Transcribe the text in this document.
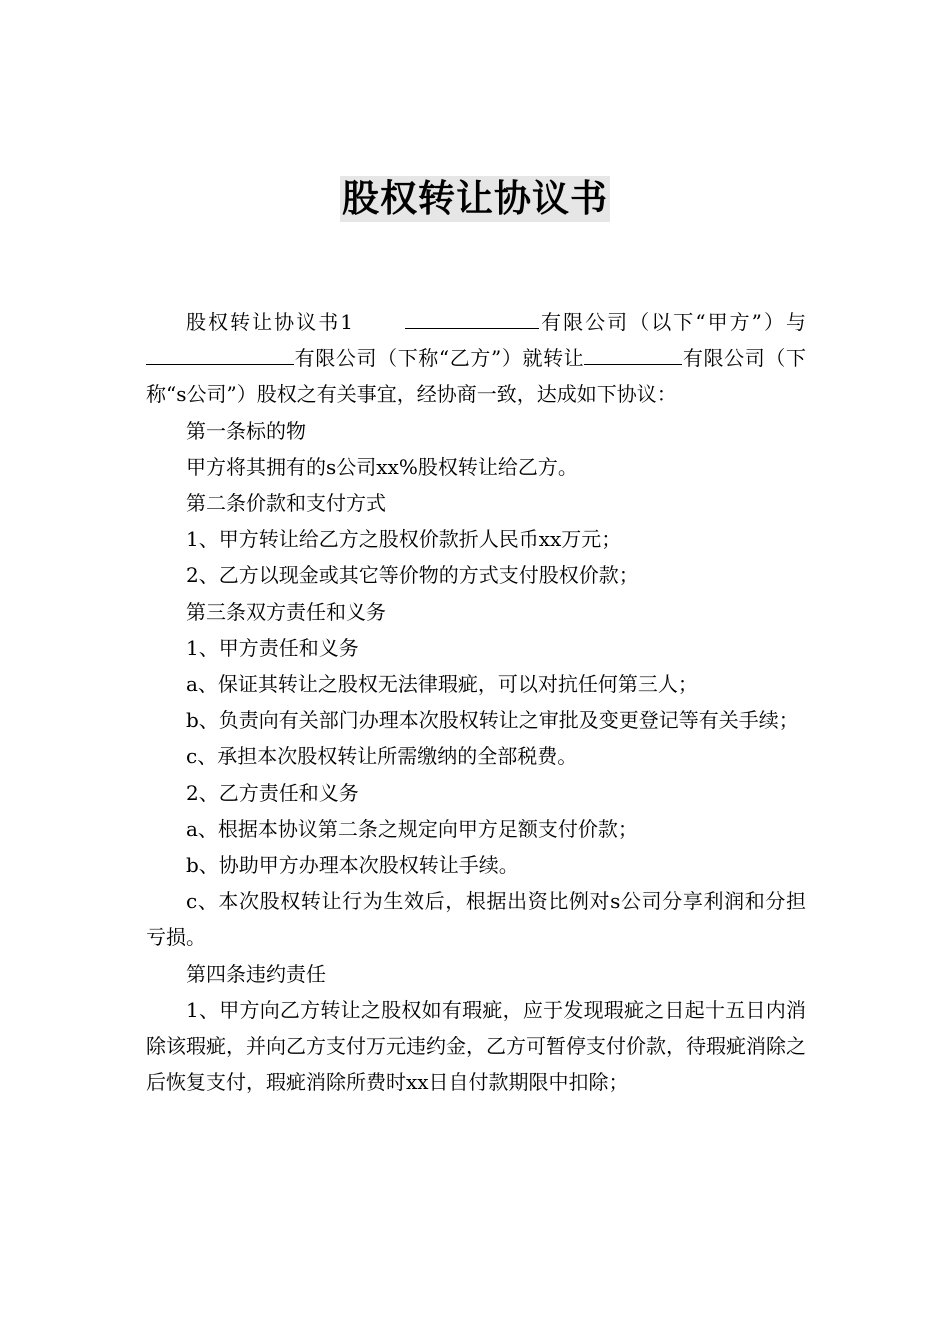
股权转让协议书

股权转让协议书1	有限公司（以下“甲方”）与有限公司（下称“乙方”）就转让	有限公司（下称“s公司”）股权之有关事宜，经协商一致，达成如下协议：

第一条标的物

甲方将其拥有的s公司xx%股权转让给乙方。

第二条价款和支付方式

1、甲方转让给乙方之股权价款折人民币xx万元；

2、乙方以现金或其它等价物的方式支付股权价款；

第三条双方责任和义务

1、甲方责任和义务

a、保证其转让之股权无法律瑕疵，可以对抗任何第三人；

b、负责向有关部门办理本次股权转让之审批及变更登记等有关手续；

c、承担本次股权转让所需缴纳的全部税费。

2、乙方责任和义务

a、根据本协议第二条之规定向甲方足额支付价款；

b、协助甲方办理本次股权转让手续。

c、本次股权转让行为生效后，根据出资比例对s公司分享利润和分担亏损。

第四条违约责任

1、甲方向乙方转让之股权如有瑕疵，应于发现瑕疵之日起十五日内消除该瑕疵，并向乙方支付万元违约金，乙方可暂停支付价款，待瑕疵消除之后恢复支付，瑕疵消除所费时xx日自付款期限中扣除；
